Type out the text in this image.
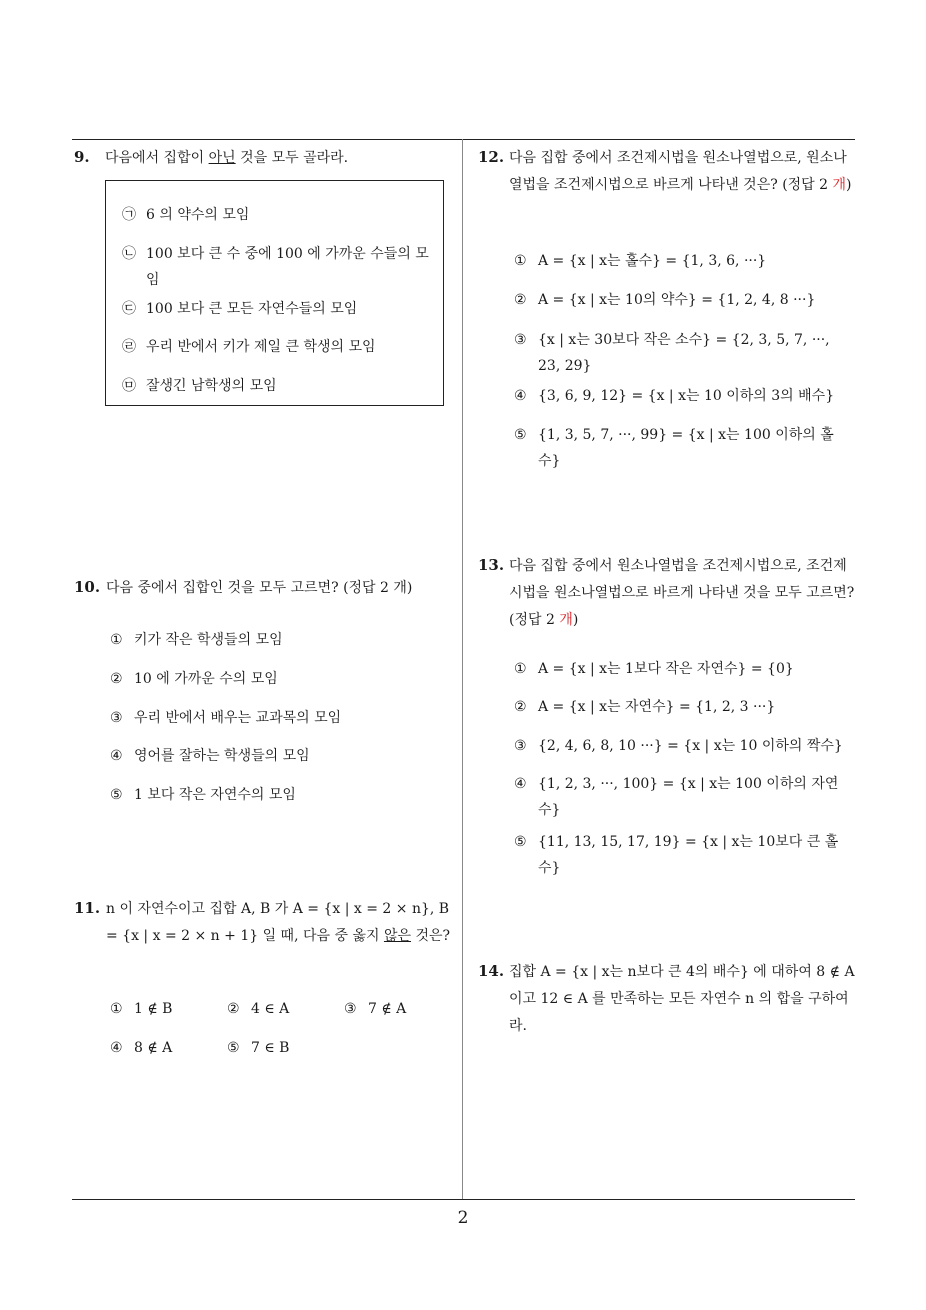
9. 다음에서 집합이 아닌 것을 모두 골라라.
㉠ 6 의 약수의 모임
㉡ 100 보다 큰 수 중에 100 에 가까운 수들의 모임
㉢ 100 보다 큰 모든 자연수들의 모임
㉣ 우리 반에서 키가 제일 큰 학생의 모임
㉤ 잘생긴 남학생의 모임
10. 다음 중에서 집합인 것을 모두 고르면? (정답 2 개)
① 키가 작은 학생들의 모임
② 10 에 가까운 수의 모임
③ 우리 반에서 배우는 교과목의 모임
④ 영어를 잘하는 학생들의 모임
⑤ 1 보다 작은 자연수의 모임
11. n 이 자연수이고 집합 A, B 가 A = {x | x = 2 × n}, B = {x | x = 2 × n + 1} 일 때, 다음 중 옳지 않은 것은?
① 1 ∉ B	② 4 ∈ A	③ 7 ∉ A
④ 8 ∉ A	⑤ 7 ∈ B
12. 다음 집합 중에서 조건제시법을 원소나열법으로, 원소나열법을 조건제시법으로 바르게 나타낸 것은? (정답 2 개)
① A = {x | x는 홀수} = {1, 3, 6, ···}
② A = {x | x는 10의 약수} = {1, 2, 4, 8 ···}
③ {x | x는 30보다 작은 소수} = {2, 3, 5, 7, ···, 23, 29}
④ {3, 6, 9, 12} = {x | x는 10 이하의 3의 배수}
⑤ {1, 3, 5, 7, ···, 99} = {x | x는 100 이하의 홀수}
13. 다음 집합 중에서 원소나열법을 조건제시법으로, 조건제시법을 원소나열법으로 바르게 나타낸 것을 모두 고르면? (정답 2 개)
① A = {x | x는 1보다 작은 자연수} = {0}
② A = {x | x는 자연수} = {1, 2, 3 ···}
③ {2, 4, 6, 8, 10 ···} = {x | x는 10 이하의 짝수}
④ {1, 2, 3, ···, 100} = {x | x는 100 이하의 자연수}
⑤ {11, 13, 15, 17, 19} = {x | x는 10보다 큰 홀수}
14. 집합 A = {x | x는 n보다 큰 4의 배수} 에 대하여 8 ∉ A 이고 12 ∈ A 를 만족하는 모든 자연수 n 의 합을 구하여라.
2
